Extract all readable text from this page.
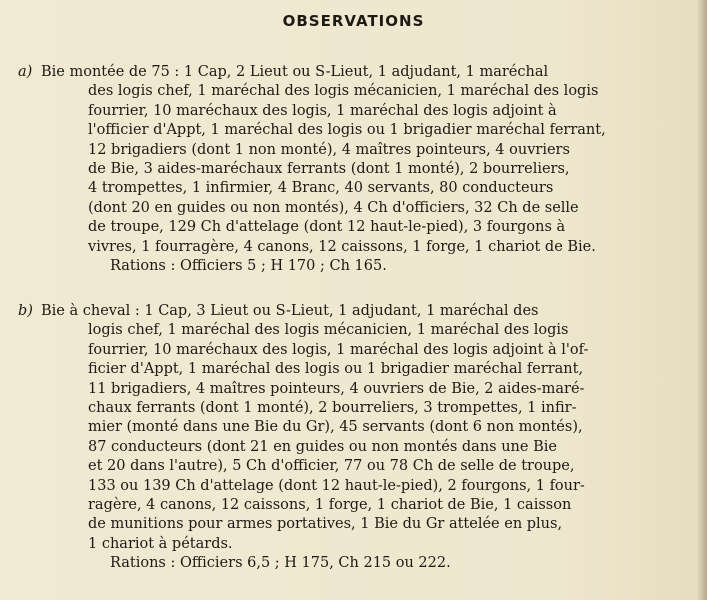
OBSERVATIONS
a) Bie montée de 75 : 1 Cap, 2 Lieut ou S-Lieut, 1 adjudant, 1 maréchal
des logis chef, 1 maréchal des logis mécanicien, 1 maréchal des logis
fourrier, 10 maréchaux des logis, 1 maréchal des logis adjoint à
l'officier d'Appt, 1 maréchal des logis ou 1 brigadier maréchal ferrant,
12 brigadiers (dont 1 non monté), 4 maîtres pointeurs, 4 ouvriers
de Bie, 3 aides-maréchaux ferrants (dont 1 monté), 2 bourreliers,
4 trompettes, 1 infirmier, 4 Branc, 40 servants, 80 conducteurs
(dont 20 en guides ou non montés), 4 Ch d'officiers, 32 Ch de selle
de troupe, 129 Ch d'attelage (dont 12 haut-le-pied), 3 fourgons à
vivres, 1 fourragère, 4 canons, 12 caissons, 1 forge, 1 chariot de Bie.
Rations : Officiers 5 ; H 170 ; Ch 165.
b) Bie à cheval : 1 Cap, 3 Lieut ou S-Lieut, 1 adjudant, 1 maréchal des
logis chef, 1 maréchal des logis mécanicien, 1 maréchal des logis
fourrier, 10 maréchaux des logis, 1 maréchal des logis adjoint à l'of-
ficier d'Appt, 1 maréchal des logis ou 1 brigadier maréchal ferrant,
11 brigadiers, 4 maîtres pointeurs, 4 ouvriers de Bie, 2 aides-maré-
chaux ferrants (dont 1 monté), 2 bourreliers, 3 trompettes, 1 infir-
mier (monté dans une Bie du Gr), 45 servants (dont 6 non montés),
87 conducteurs (dont 21 en guides ou non montés dans une Bie
et 20 dans l'autre), 5 Ch d'officier, 77 ou 78 Ch de selle de troupe,
133 ou 139 Ch d'attelage (dont 12 haut-le-pied), 2 fourgons, 1 four-
ragère, 4 canons, 12 caissons, 1 forge, 1 chariot de Bie, 1 caisson
de munitions pour armes portatives, 1 Bie du Gr attelée en plus,
1 chariot à pétards.
Rations : Officiers 6,5 ; H 175, Ch 215 ou 222.
